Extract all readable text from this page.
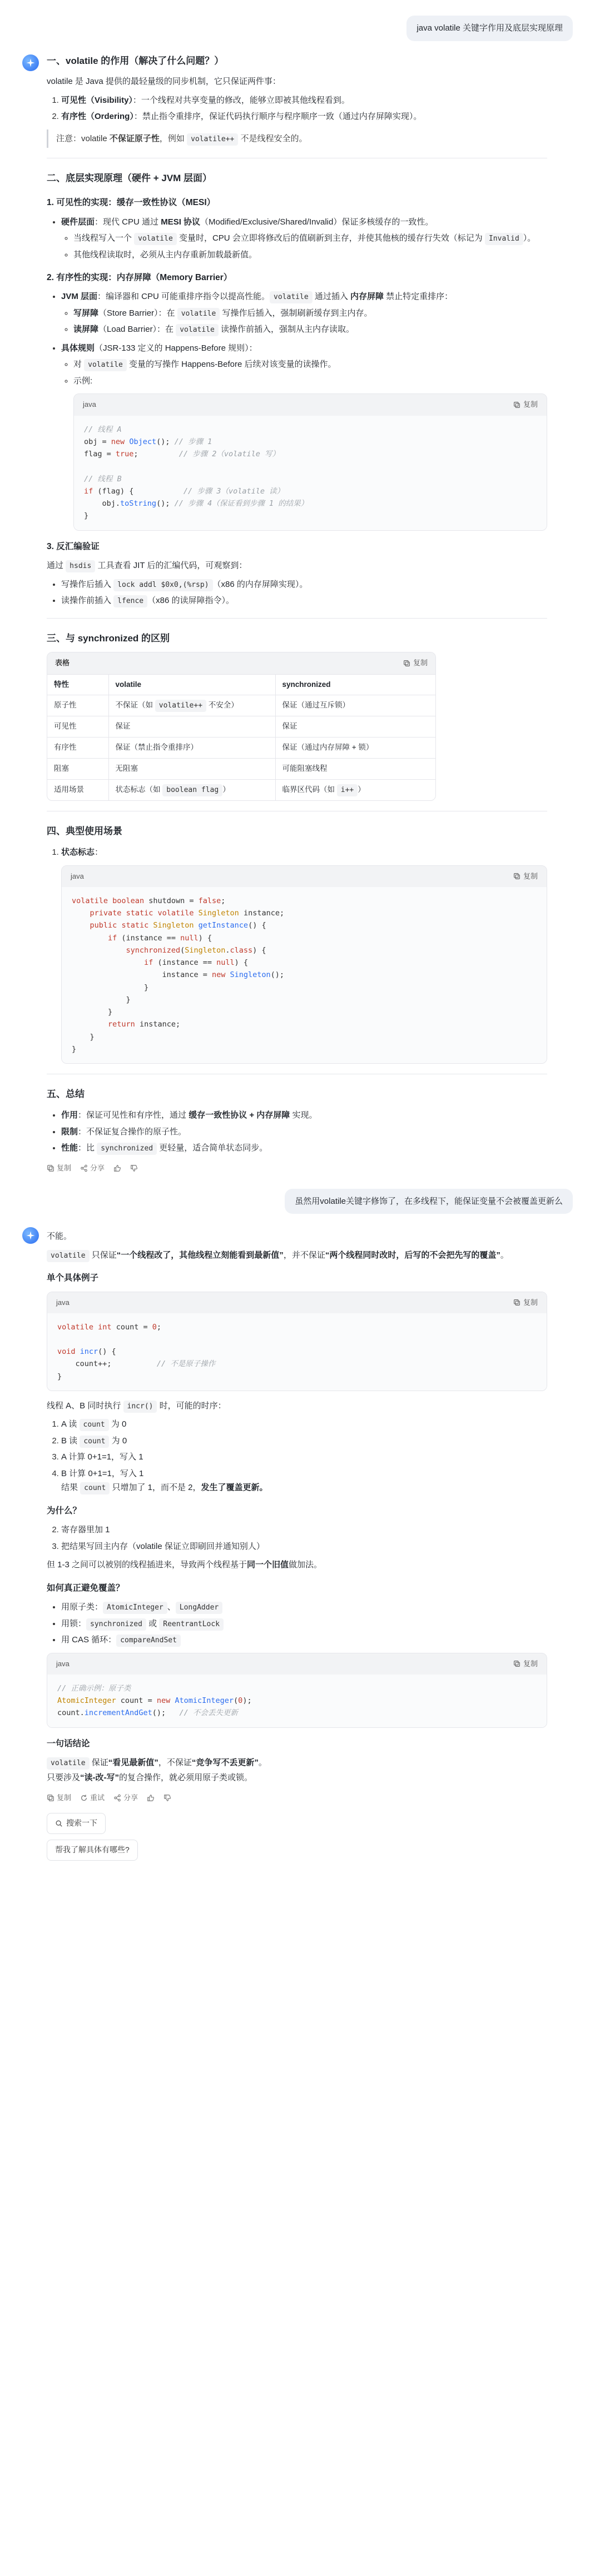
java volatile 关键字作用及底层实现原理
一、volatile 的作用（解决了什么问题？）

volatile 是 Java 提供的最轻量级的同步机制，它只保证两件事：

1. 可见性（Visibility）：一个线程对共享变量的修改，能够立即被其他线程看到。
2. 有序性（Ordering）：禁止指令重排序，保证代码执行顺序与程序顺序一致（通过内存屏障实现）。
注意：volatile 不保证原子性，例如 volatile++ 不是线程安全的。
二、底层实现原理（硬件 + JVM 层面）
1. 可见性的实现：缓存一致性协议（MESI）
• 硬件层面：现代 CPU 通过 MESI 协议（Modified/Exclusive/Shared/Invalid）保证多核缓存的一致性。
◦ 当线程写入一个 volatile 变量时，CPU 会立即将修改后的值刷新到主存，并使其他核的缓存行失效（标记为 Invalid ）。
◦ 其他线程读取时，必须从主内存重新加载最新值。
2. 有序性的实现：内存屏障（Memory Barrier）
• JVM 层面：编译器和 CPU 可能重排序指令以提高性能。 volatile 通过插入 内存屏障 禁止特定重排序：
◦ 写屏障（Store Barrier）：在 volatile 写操作后插入，强制刷新缓存到主内存。
◦ 读屏障（Load Barrier）：在 volatile 读操作前插入，强制从主内存读取。
• 具体规则（JSR-133 定义的 Happens-Before 规则）：
◦ 对 volatile 变量的写操作 Happens-Before 后续对该变量的读操作。
◦ 示例:
java	复制
// 线程 A
obj = new Object(); // 步骤 1
flag = true;         // 步骤 2（volatile 写）

// 线程 B
if (flag) {           // 步骤 3（volatile 读）
obj.toString(); // 步骤 4（保证看到步骤 1 的结果）
}
3. 反汇编验证

通过 hsdis 工具查看 JIT 后的汇编代码，可观察到：

• 写操作后插入 lock addl $0x0,(%rsp) （x86 的内存屏障实现）。
• 读操作前插入 lfence （x86 的读屏障指令）。
三、与 synchronized 的区别
表格	复制
特性	volatile	synchronized
原子性	不保证（如 volatile++ 不安全）	保证（通过互斥锁）
可见性	保证	保证
有序性	保证（禁止指令重排序）	保证（通过内存屏障 + 锁）
阻塞	无阻塞	可能阻塞线程
适用场景	状态标志（如 boolean flag ）	临界区代码（如 i++ ）
四、典型使用场景
1. 状态标志：
java	复制
volatile boolean shutdown = false;
private static volatile Singleton instance;
public static Singleton getInstance() {
if (instance == null) {
synchronized(Singleton.class) {
if (instance == null) {
instance = new Singleton();
}
}
}
return instance;
}
}
五、总结
• 作用：保证可见性和有序性，通过 缓存一致性协议 + 内存屏障 实现。
• 限制：不保证复合操作的原子性。
• 性能：比 synchronized 更轻量，适合简单状态同步。
复制	分享
虽然用volatile关键字修饰了，在多线程下，能保证变量不会被覆盖更新么

不能。

volatile 只保证“一个线程改了，其他线程立刻能看到最新值”，并不保证“两个线程同时改时，后写的不会把先写的覆盖”。

单个具体例子
java	复制
volatile int count = 0;

void incr() {
count++;	// 不是原子操作
}

线程 A、B 同时执行 incr() 时，可能的时序：

1. A 读 count 为 0
2. B 读 count 为 0
3. A 计算 0+1=1，写入 1
4. B 计算 0+1=1，写入 1
结果 count 只增加了 1，而不是 2，发生了覆盖更新。
为什么？
2. 寄存器里加 1
3. 把结果写回主内存（volatile 保证立即刷回并通知别人）

但 1-3 之间可以被别的线程插进来，导致两个线程基于同一个旧值做加法。

如何真正避免覆盖？
• 用原子类： AtomicInteger 、 LongAdder
• 用锁： synchronized 或 ReentrantLock
• 用 CAS 循环： compareAndSet
java	复制
// 正确示例：原子类
AtomicInteger count = new AtomicInteger(0);
count.incrementAndGet();   // 不会丢失更新
一句话结论

volatile 保证“看见最新值”，不保证“竞争写不丢更新”。

只要涉及“读-改-写”的复合操作，就必须用原子类或锁。

复制	重试	分享
搜索一下
帮我了解具体有哪些?
